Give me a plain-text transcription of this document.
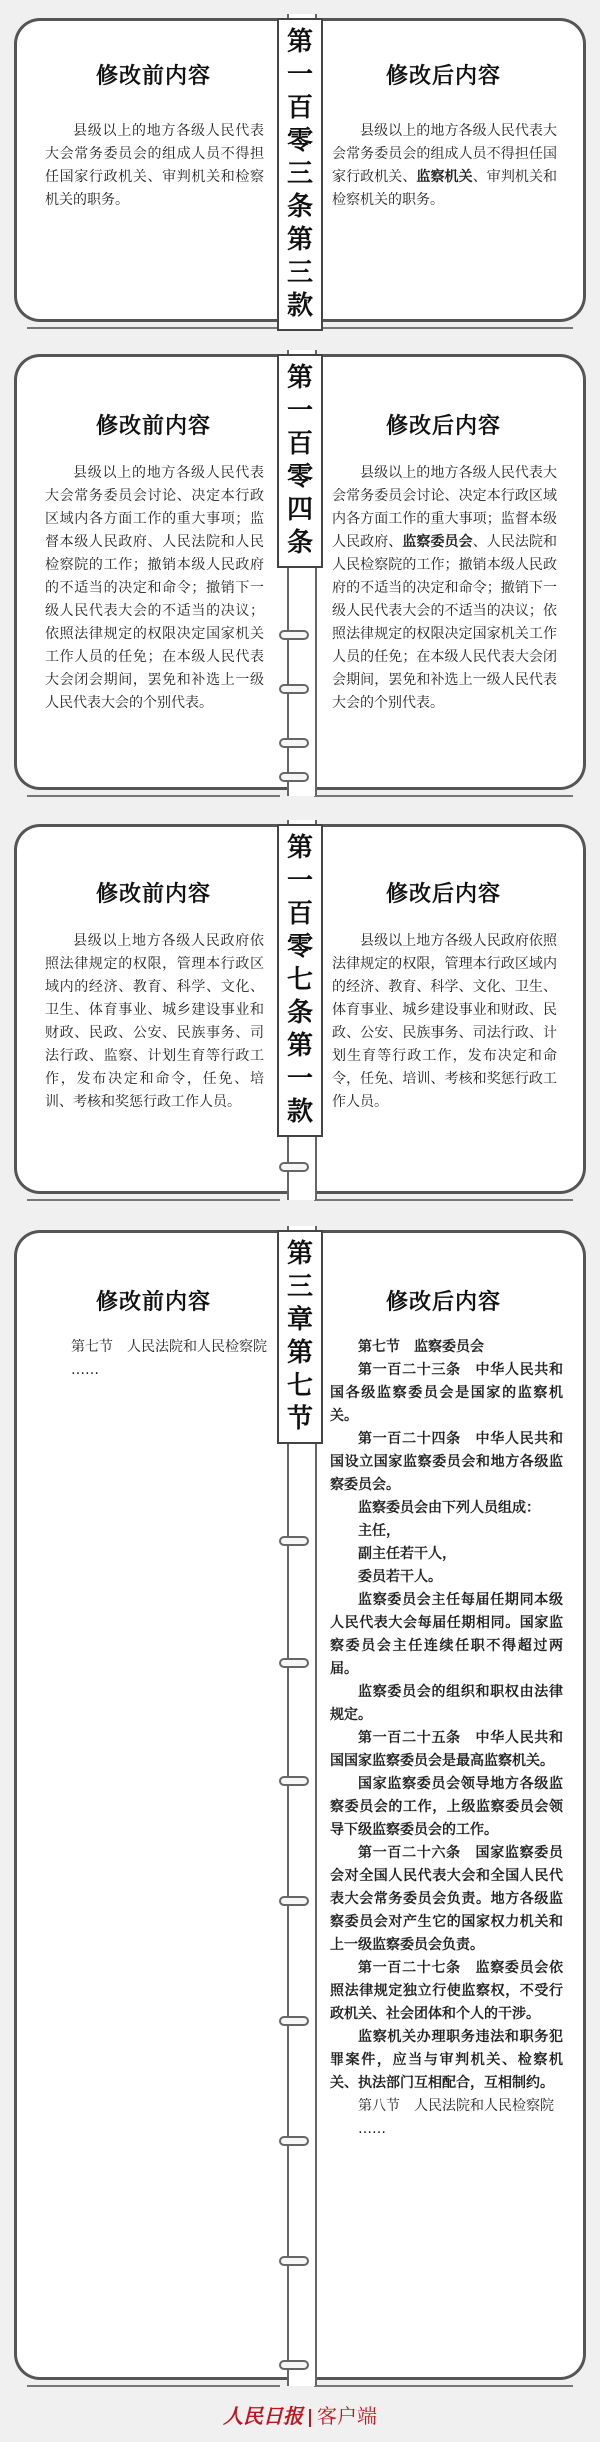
修改前内容

县级以上的地方各级人民代表大会常务委员会的组成人员不得担任国家行政机关、审判机关和检察机关的职务。

修改后内容

县级以上的地方各级人民代表大会常务委员会的组成人员不得担任国家行政机关、监察机关、审判机关和检察机关的职务。

第
一
百
零
三
条
第
三
款
修改前内容

县级以上的地方各级人民代表大会常务委员会讨论、决定本行政区域内各方面工作的重大事项；监督本级人民政府、人民法院和人民检察院的工作；撤销本级人民政府的不适当的决定和命令；撤销下一级人民代表大会的不适当的决议；依照法律规定的权限决定国家机关工作人员的任免；在本级人民代表大会闭会期间，罢免和补选上一级人民代表大会的个别代表。

修改后内容

县级以上的地方各级人民代表大会常务委员会讨论、决定本行政区域内各方面工作的重大事项；监督本级人民政府、监察委员会、人民法院和人民检察院的工作；撤销本级人民政府的不适当的决定和命令；撤销下一级人民代表大会的不适当的决议；依照法律规定的权限决定国家机关工作人员的任免；在本级人民代表大会闭会期间，罢免和补选上一级人民代表大会的个别代表。

第
一
百
零
四
条
修改前内容

县级以上地方各级人民政府依照法律规定的权限，管理本行政区域内的经济、教育、科学、文化、卫生、体育事业、城乡建设事业和财政、民政、公安、民族事务、司法行政、监察、计划生育等行政工作，发布决定和命令，任免、培训、考核和奖惩行政工作人员。

修改后内容

县级以上地方各级人民政府依照法律规定的权限，管理本行政区域内的经济、教育、科学、文化、卫生、体育事业、城乡建设事业和财政、民政、公安、民族事务、司法行政、计划生育等行政工作，发布决定和命令，任免、培训、考核和奖惩行政工作人员。

第
一
百
零
七
条
第
一
款
修改前内容

第七节　人民法院和人民检察院

……

修改后内容

第七节　监察委员会

第一百二十三条　中华人民共和国各级监察委员会是国家的监察机关。

第一百二十四条　中华人民共和国设立国家监察委员会和地方各级监察委员会。

监察委员会由下列人员组成：

主任，

副主任若干人，

委员若干人。

监察委员会主任每届任期同本级人民代表大会每届任期相同。国家监察委员会主任连续任职不得超过两届。

监察委员会的组织和职权由法律规定。

第一百二十五条　中华人民共和国国家监察委员会是最高监察机关。

国家监察委员会领导地方各级监察委员会的工作，上级监察委员会领导下级监察委员会的工作。

第一百二十六条　国家监察委员会对全国人民代表大会和全国人民代表大会常务委员会负责。地方各级监察委员会对产生它的国家权力机关和上一级监察委员会负责。

第一百二十七条　监察委员会依照法律规定独立行使监察权，不受行政机关、社会团体和个人的干涉。

监察机关办理职务违法和职务犯罪案件，应当与审判机关、检察机关、执法部门互相配合，互相制约。

第八节　人民法院和人民检察院

……

第
三
章
第
七
节
人民日报 客户端
